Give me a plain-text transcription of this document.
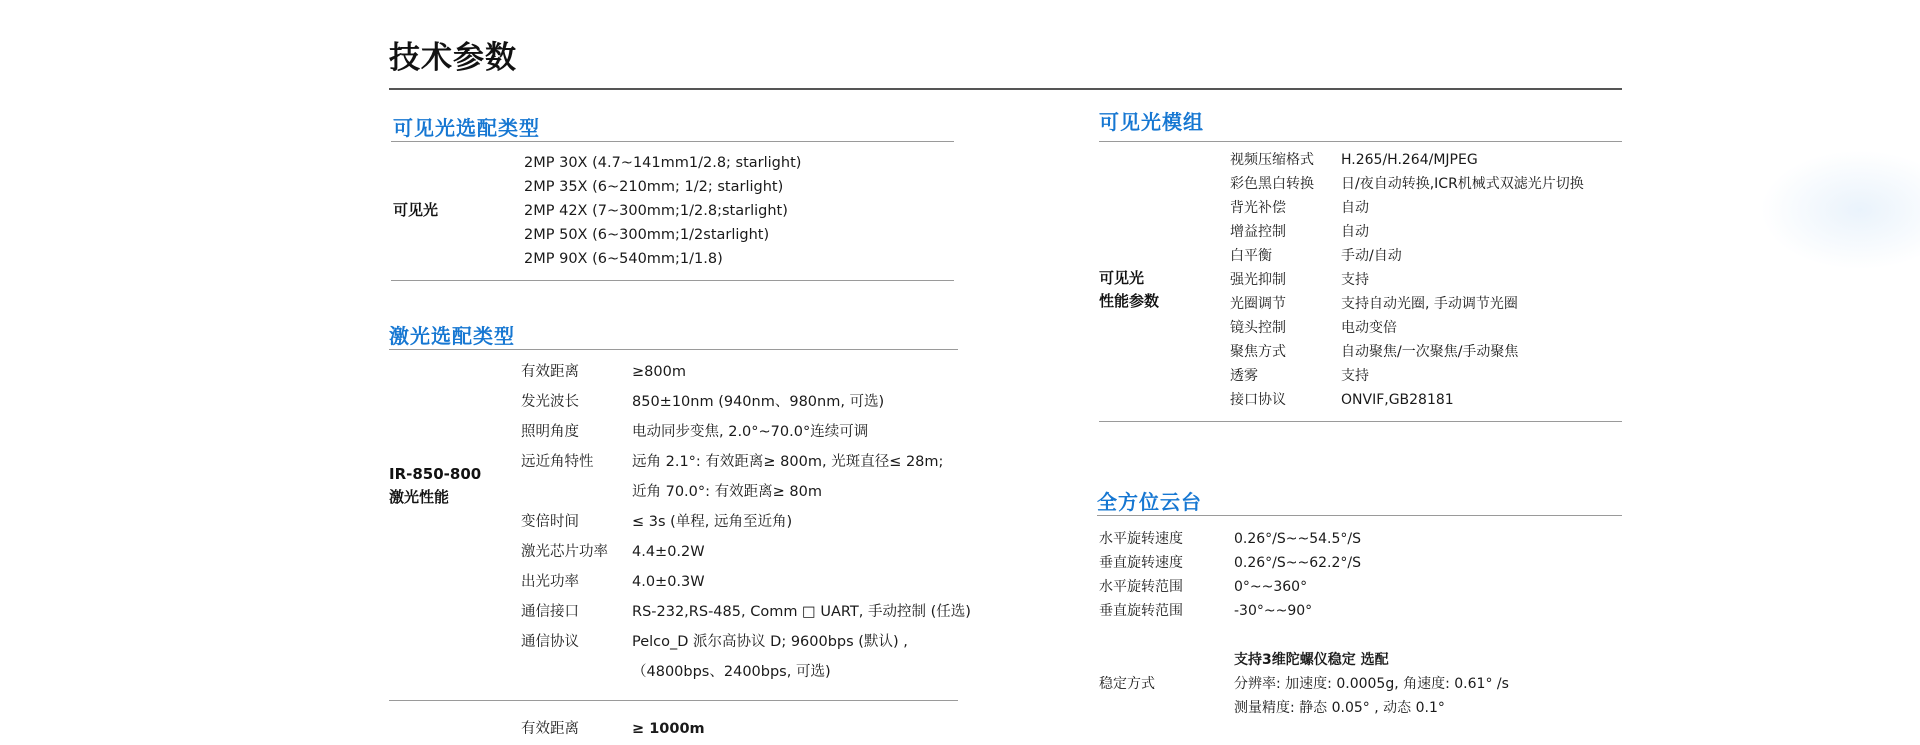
技术参数
可见光选配类型
可见光
2MP 30X (4.7~141mm1/2.8; starlight)
2MP 35X (6~210mm; 1/2; starlight)
2MP 42X (7~300mm;1/2.8;starlight)
2MP 50X (6~300mm;1/2starlight)
2MP 90X (6~540mm;1/1.8)
激光选配类型
IR-850-800
激光性能
有效距离
发光波长
照明角度
远近角特性
变倍时间
激光芯片功率
出光功率
通信接口
通信协议
≥800m
850±10nm (940nm、980nm, 可选)
电动同步变焦, 2.0°~70.0°连续可调
远角 2.1°: 有效距离≥ 800m, 光斑直径≤ 28m;
近角 70.0°: 有效距离≥ 80m
≤ 3s (单程, 远角至近角)
4.4±0.2W
4.0±0.3W
RS-232,RS-485, Comm □ UART, 手动控制 (任选)
Pelco_D 派尔高协议 D; 9600bps (默认) ,
（4800bps、2400bps, 可选)
有效距离	≥ 1000m
可见光模组
可见光
性能参数
视频压缩格式
彩色黑白转换
背光补偿
增益控制
白平衡
强光抑制
光圈调节
镜头控制
聚焦方式
透雾
接口协议
H.265/H.264/MJPEG
日/夜自动转换,ICR机械式双滤光片切换
自动
自动
手动/自动
支持
支持自动光圈, 手动调节光圈
电动变倍
自动聚焦/一次聚焦/手动聚焦
支持
ONVIF,GB28181
全方位云台
水平旋转速度
垂直旋转速度
水平旋转范围
垂直旋转范围
0.26°/S~~54.5°/S
0.26°/S~~62.2°/S
0°~~360°
-30°~~90°
稳定方式
支持3维陀螺仪稳定 选配
分辨率: 加速度: 0.0005g, 角速度: 0.61° /s
测量精度: 静态 0.05° , 动态 0.1°
